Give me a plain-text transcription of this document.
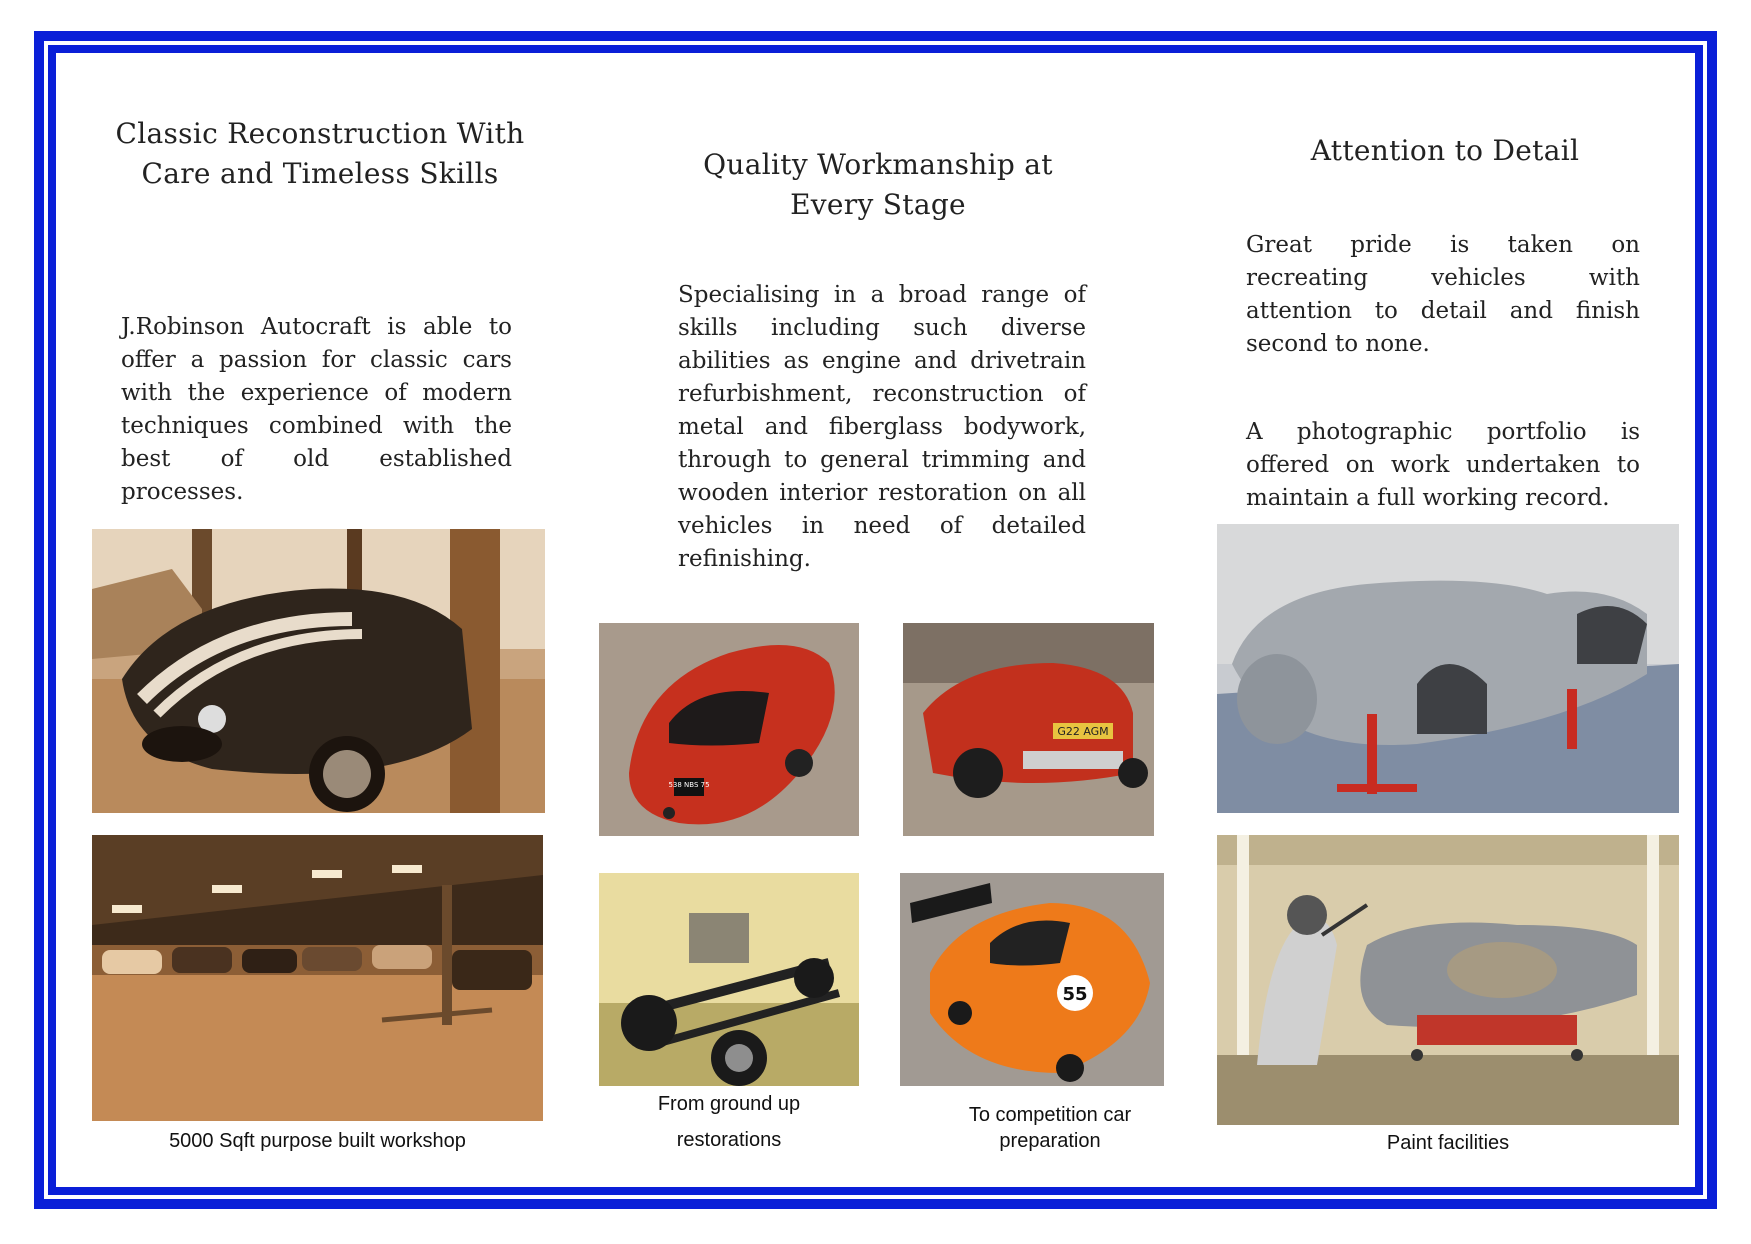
Classic Reconstruction With
Care and Timeless Skills
J.Robinson Autocraft is able to offer a passion for classic cars with the experience of modern techniques combined with the best of old established processes.
5000 Sqft purpose built workshop
Quality Workmanship at
Every Stage
Specialising in a broad range of skills including such diverse abilities as engine and drivetrain refurbishment, reconstruction of metal and fiberglass bodywork, through to general trimming and wooden interior restoration on all vehicles in need of detailed refinishing.
538 NBS 75
G22 AGM
55
From ground up
restorations
To competition car
preparation
Attention to Detail
Great pride is taken on recreating vehicles with attention to detail and finish second to none.
A photographic portfolio is offered on work undertaken to maintain a full working record.
Paint facilities
